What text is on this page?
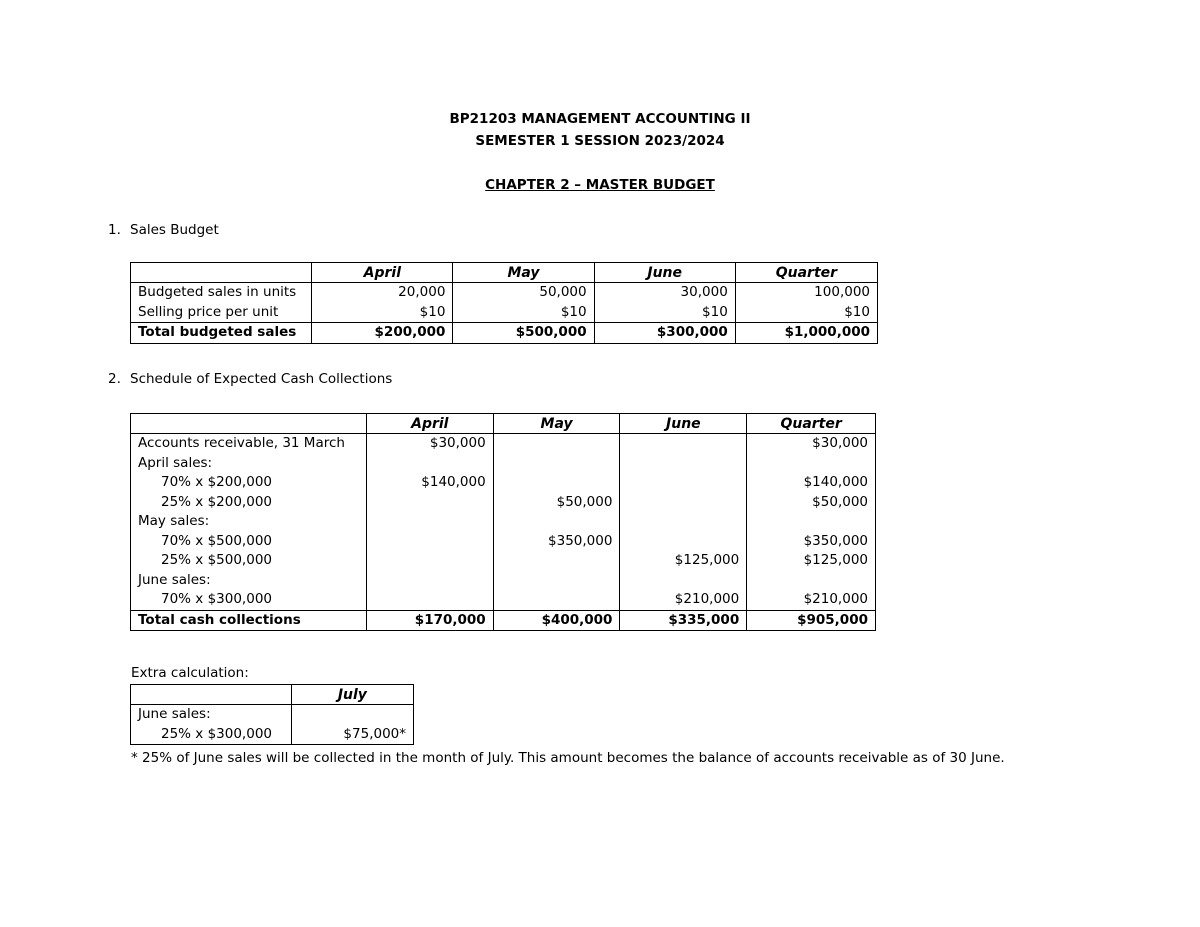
BP21203 MANAGEMENT ACCOUNTING II
SEMESTER 1 SESSION 2023/2024
CHAPTER 2 – MASTER BUDGET
1. Sales Budget
	April	May	June	Quarter
Budgeted sales in units	20,000	50,000	30,000	100,000
Selling price per unit	$10	$10	$10	$10
Total budgeted sales	$200,000	$500,000	$300,000	$1,000,000
2. Schedule of Expected Cash Collections
	April	May	June	Quarter
Accounts receivable, 31 March	$30,000			$30,000
April sales:				
70% x $200,000	$140,000			$140,000
25% x $200,000		$50,000		$50,000
May sales:				
70% x $500,000		$350,000		$350,000
25% x $500,000			$125,000	$125,000
June sales:				
70% x $300,000			$210,000	$210,000
Total cash collections	$170,000	$400,000	$335,000	$905,000
Extra calculation:
	July
June sales:	
25% x $300,000	$75,000*
* 25% of June sales will be collected in the month of July. This amount becomes the balance of accounts receivable as of 30 June.
